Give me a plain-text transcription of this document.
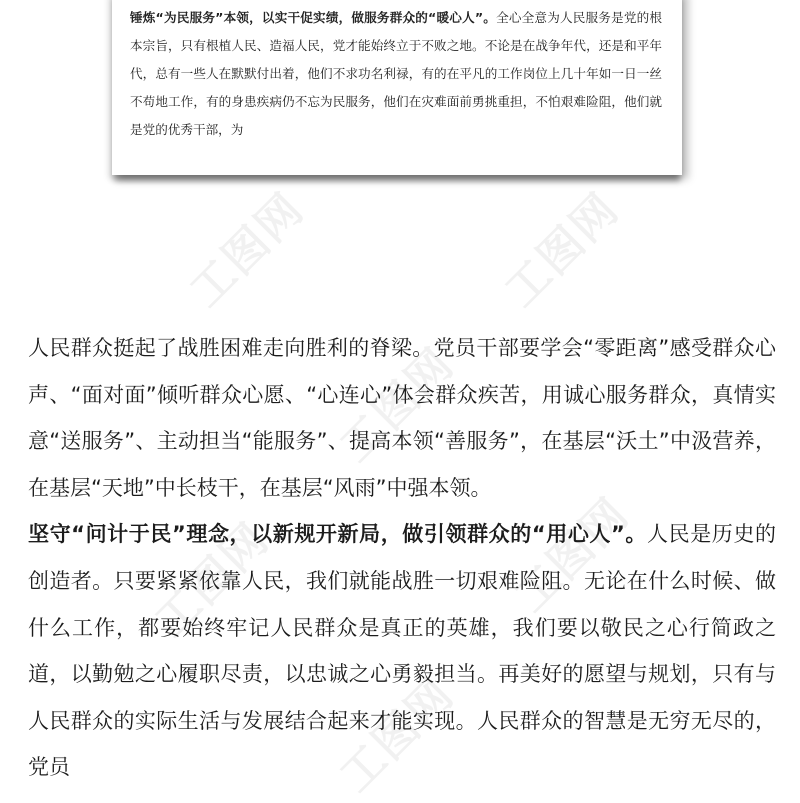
锤炼“为民服务”本领，以实干促实绩，做服务群众的“暖心人”。全心全意为人民服务是党的根本宗旨，只有根植人民、造福人民，党才能始终立于不败之地。不论是在战争年代，还是和平年代，总有一些人在默默付出着，他们不求功名利禄，有的在平凡的工作岗位上几十年如一日一丝不苟地工作，有的身患疾病仍不忘为民服务，他们在灾难面前勇挑重担，不怕艰难险阻，他们就是党的优秀干部，为

工图网	工图网
工图网
工图网	工图网
工图网

人民群众挺起了战胜困难走向胜利的脊梁。党员干部要学会“零距离”感受群众心声、“面对面”倾听群众心愿、“心连心”体会群众疾苦，用诚心服务群众，真情实意“送服务”、主动担当“能服务”、提高本领“善服务”，在基层“沃土”中汲营养，在基层“天地”中长枝干，在基层“风雨”中强本领。

坚守“问计于民”理念，以新规开新局，做引领群众的“用心人”。人民是历史的创造者。只要紧紧依靠人民，我们就能战胜一切艰难险阻。无论在什么时候、做什么工作，都要始终牢记人民群众是真正的英雄，我们要以敬民之心行简政之道，以勤勉之心履职尽责，以忠诚之心勇毅担当。再美好的愿望与规划，只有与人民群众的实际生活与发展结合起来才能实现。人民群众的智慧是无穷无尽的，党员
